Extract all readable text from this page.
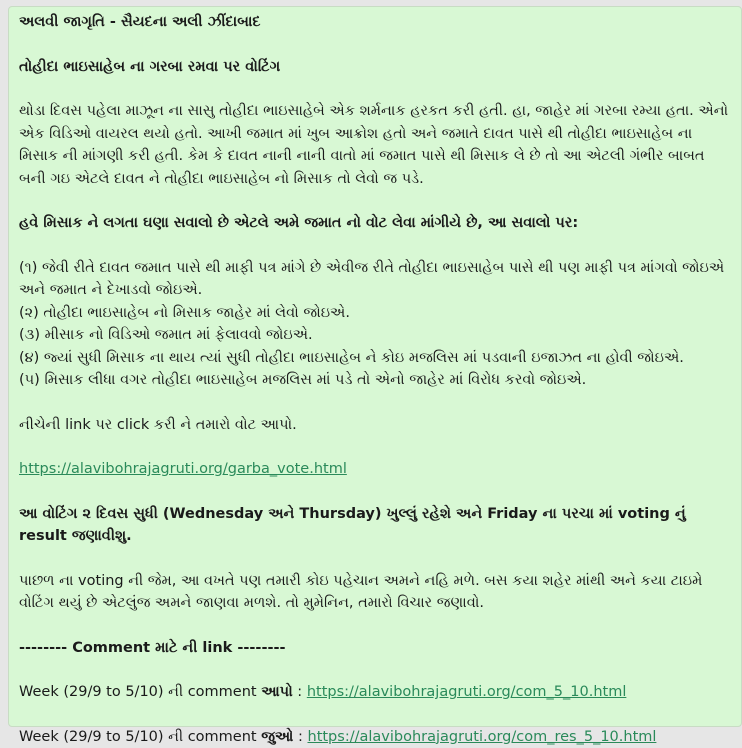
અલવી જાગૃતિ - સૈયદના અલી ઝીંદાબાદ

તોહીદા ભાઇસાહેબ ના ગરબા રમવા પર વોટિંગ

થોડા દિવસ પહેલા માઝૂન ના સાસુ તોહીદા ભાઇસાહેબે એક શર્મનાક હરકત કરી હતી. હા, જાહેર માં ગરબા રમ્યા હતા. એનો એક વિડિઓ વાયરલ થયો હતો. આખી જમાત માં ખુબ આક્રોશ હતો અને જમાતે દાવત પાસે થી તોહીદા ભાઇસાહેબ ના મિસાક ની માંગણી કરી હતી. કેમ કે દાવત નાની નાની વાતો માં જમાત પાસે થી મિસાક લે છે તો આ એટલી ગંભીર બાબત બની ગઇ એટલે દાવત ને તોહીદા ભાઇસાહેબ નો મિસાક તો લેવો જ પડે.

હવે મિસાક ને લગતા ઘણા સવાલો છે એટલે અમે જમાત નો વોટ લેવા માંગીયે છે, આ સવાલો પર:

(૧) જેવી રીતે દાવત જમાત પાસે થી માફી પત્ર માંગે છે એવીજ રીતે તોહીદા ભાઇસાહેબ પાસે થી પણ માફી પત્ર માંગવો જોઇએ અને જમાત ને દેખાડવો જોઇએ.

(૨) તોહીદા ભાઇસાહેબ નો મિસાક જાહેર માં લેવો જોઇએ.

(૩) મીસાક નો વિડિઓ જમાત માં ફેલાવવો જોઇએ.

(૪) જ્યાં સુધી મિસાક ના થાય ત્યાં સુધી તોહીદા ભાઇસાહેબ ને કોઇ મજલિસ માં પડવાની ઇજાઝત ના હોવી જોઇએ.

(૫) મિસાક લીધા વગર તોહીદા ભાઇસાહેબ મજલિસ માં પડે તો એનો જાહેર માં વિરોધ કરવો જોઇએ.

નીચેની link પર click કરી ને તમારો વોટ આપો.

https://alavibohrajagruti.org/garba_vote.html

આ વોટિંગ ૨ દિવસ સુધી (Wednesday અને Thursday) ખુલ્લું રહેશે અને Friday ના પરચા માં voting નું result જણાવીશુ.

પાછળ ના voting ની જેમ, આ વખતે પણ તમારી કોઇ પહેચાન અમને નહિ મળે. બસ કયા શહેર માંથી અને કયા ટાઇમે વોટિંગ થયું છે એટલુંજ અમને જાણવા મળશે. તો મુમેનિન, તમારો વિચાર જણાવો.

-------- Comment માટે ની link --------

Week (29/9 to 5/10) ની comment આપો : https://alavibohrajagruti.org/com_5_10.html

Week (29/9 to 5/10) ની comment જુઓ : https://alavibohrajagruti.org/com_res_5_10.html
